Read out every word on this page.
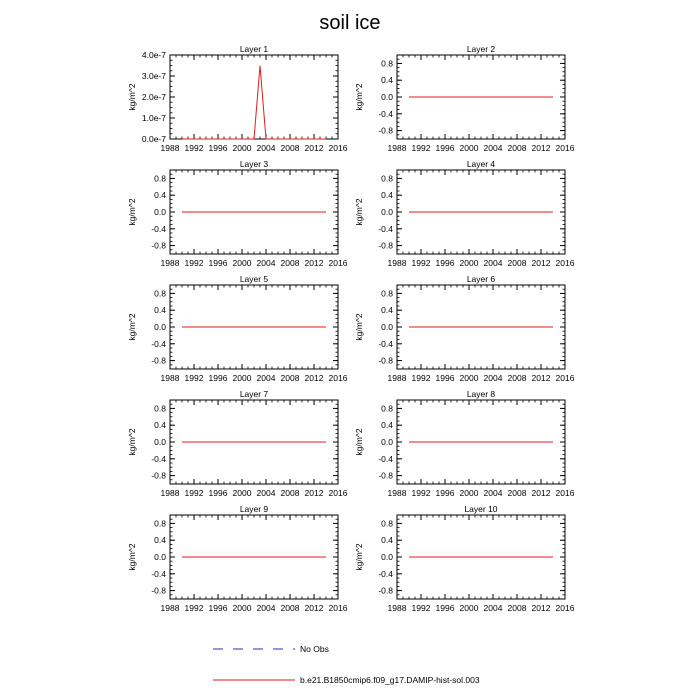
soil ice
Layer 1
1988 1992 1996 2000 2004 2008 2012 2016
0.0e-7
1.0e-7
2.0e-7
3.0e-7
4.0e-7
kg/m^2
Layer 2
1988 1992 1996 2000 2004 2008 2012 2016
-0.8
-0.4
0.0
0.4
0.8
kg/m^2
Layer 3
1988 1992 1996 2000 2004 2008 2012 2016
-0.8
-0.4
0.0
0.4
0.8
kg/m^2
Layer 4
1988 1992 1996 2000 2004 2008 2012 2016
-0.8
-0.4
0.0
0.4
0.8
kg/m^2
Layer 5
1988 1992 1996 2000 2004 2008 2012 2016
-0.8
-0.4
0.0
0.4
0.8
kg/m^2
Layer 6
1988 1992 1996 2000 2004 2008 2012 2016
-0.8
-0.4
0.0
0.4
0.8
kg/m^2
Layer 7
1988 1992 1996 2000 2004 2008 2012 2016
-0.8
-0.4
0.0
0.4
0.8
kg/m^2
Layer 8
1988 1992 1996 2000 2004 2008 2012 2016
-0.8
-0.4
0.0
0.4
0.8
kg/m^2
Layer 9
1988 1992 1996 2000 2004 2008 2012 2016
-0.8
-0.4
0.0
0.4
0.8
kg/m^2
Layer 10
1988 1992 1996 2000 2004 2008 2012 2016
-0.8
-0.4
0.0
0.4
0.8
kg/m^2
No Obs
b.e21.B1850cmip6.f09_g17.DAMIP-hist-sol.003
